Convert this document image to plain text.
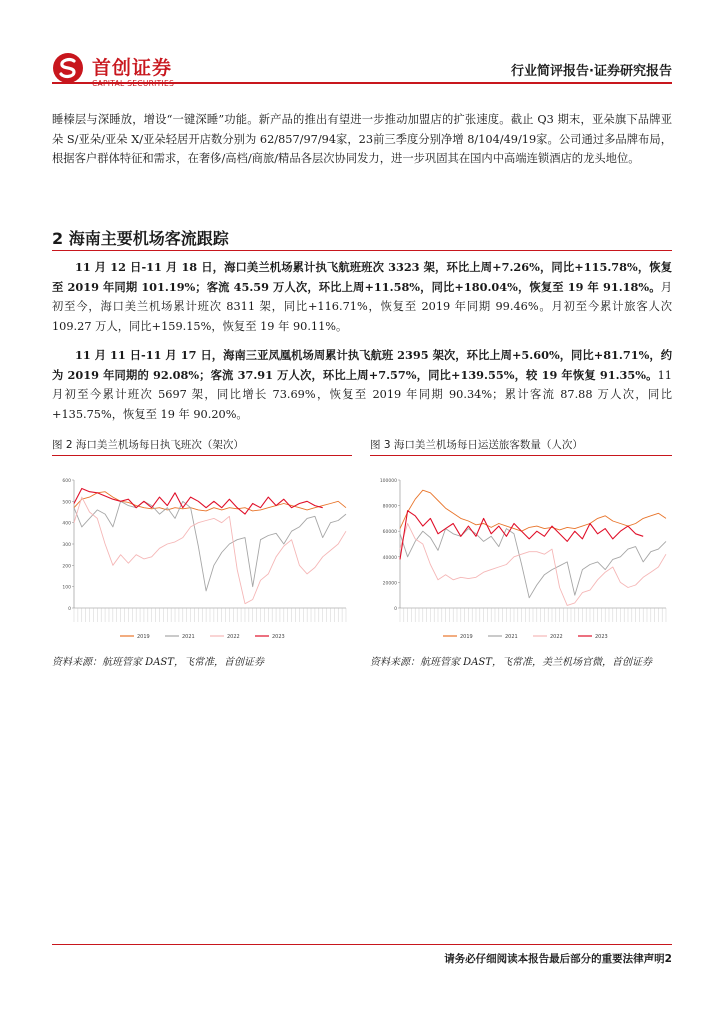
首创证券	行业简评报告·证券研究报告
睡榛层与深睡放，增设“一键深睡”功能。新产品的推出有望进一步推动加盟店的扩张速度。截止 Q3 期末，亚朵旗下品牌亚朵 S/亚朵/亚朵 X/亚朵轻居开店数分别为 62/857/97/94家，23前三季度分别净增 8/104/49/19家。公司通过多品牌布局，根据客户群体特征和需求，在奢侈/高档/商旅/精品各层次协同发力，进一步巩固其在国内中高端连锁酒店的龙头地位。
2 海南主要机场客流跟踪
11 月 12 日-11 月 18 日，海口美兰机场累计执飞航班班次 3323 架，环比上周+7.26%，同比+115.78%，恢复至 2019 年同期 101.19%；客流 45.59 万人次，环比上周+11.58%，同比+180.04%，恢复至 19 年 91.18%。月初至今，海口美兰机场累计班次 8311 架，同比+116.71%，恢复至 2019 年同期 99.46%。月初至今累计旅客人次 109.27 万人，同比+159.15%，恢复至 19 年 90.11%。
11 月 11 日-11 月 17 日，海南三亚凤凰机场周累计执飞航班 2395 架次，环比上周+5.60%，同比+81.71%，约为 2019 年同期的 92.08%；客流 37.91 万人次，环比上周+7.57%，同比+139.55%，较 19 年恢复 91.35%。11 月初至今累计班次 5697 架，同比增长 73.69%，恢复至 2019 年同期 90.34%；累计客流 87.88 万人次，同比+135.75%，恢复至 19 年 90.20%。
图 2 海口美兰机场每日执飞班次（架次）
0
100
200
300
400
500
600
2019	2021	2022	2023
资料来源：航班管家 DAST，飞常准，首创证券
图 3 海口美兰机场每日运送旅客数量（人次）
0
20000
40000
60000
80000
100000
2019	2021	2022	2023
资料来源：航班管家 DAST，飞常准，美兰机场官微，首创证券
请务必仔细阅读本报告最后部分的重要法律声明2
